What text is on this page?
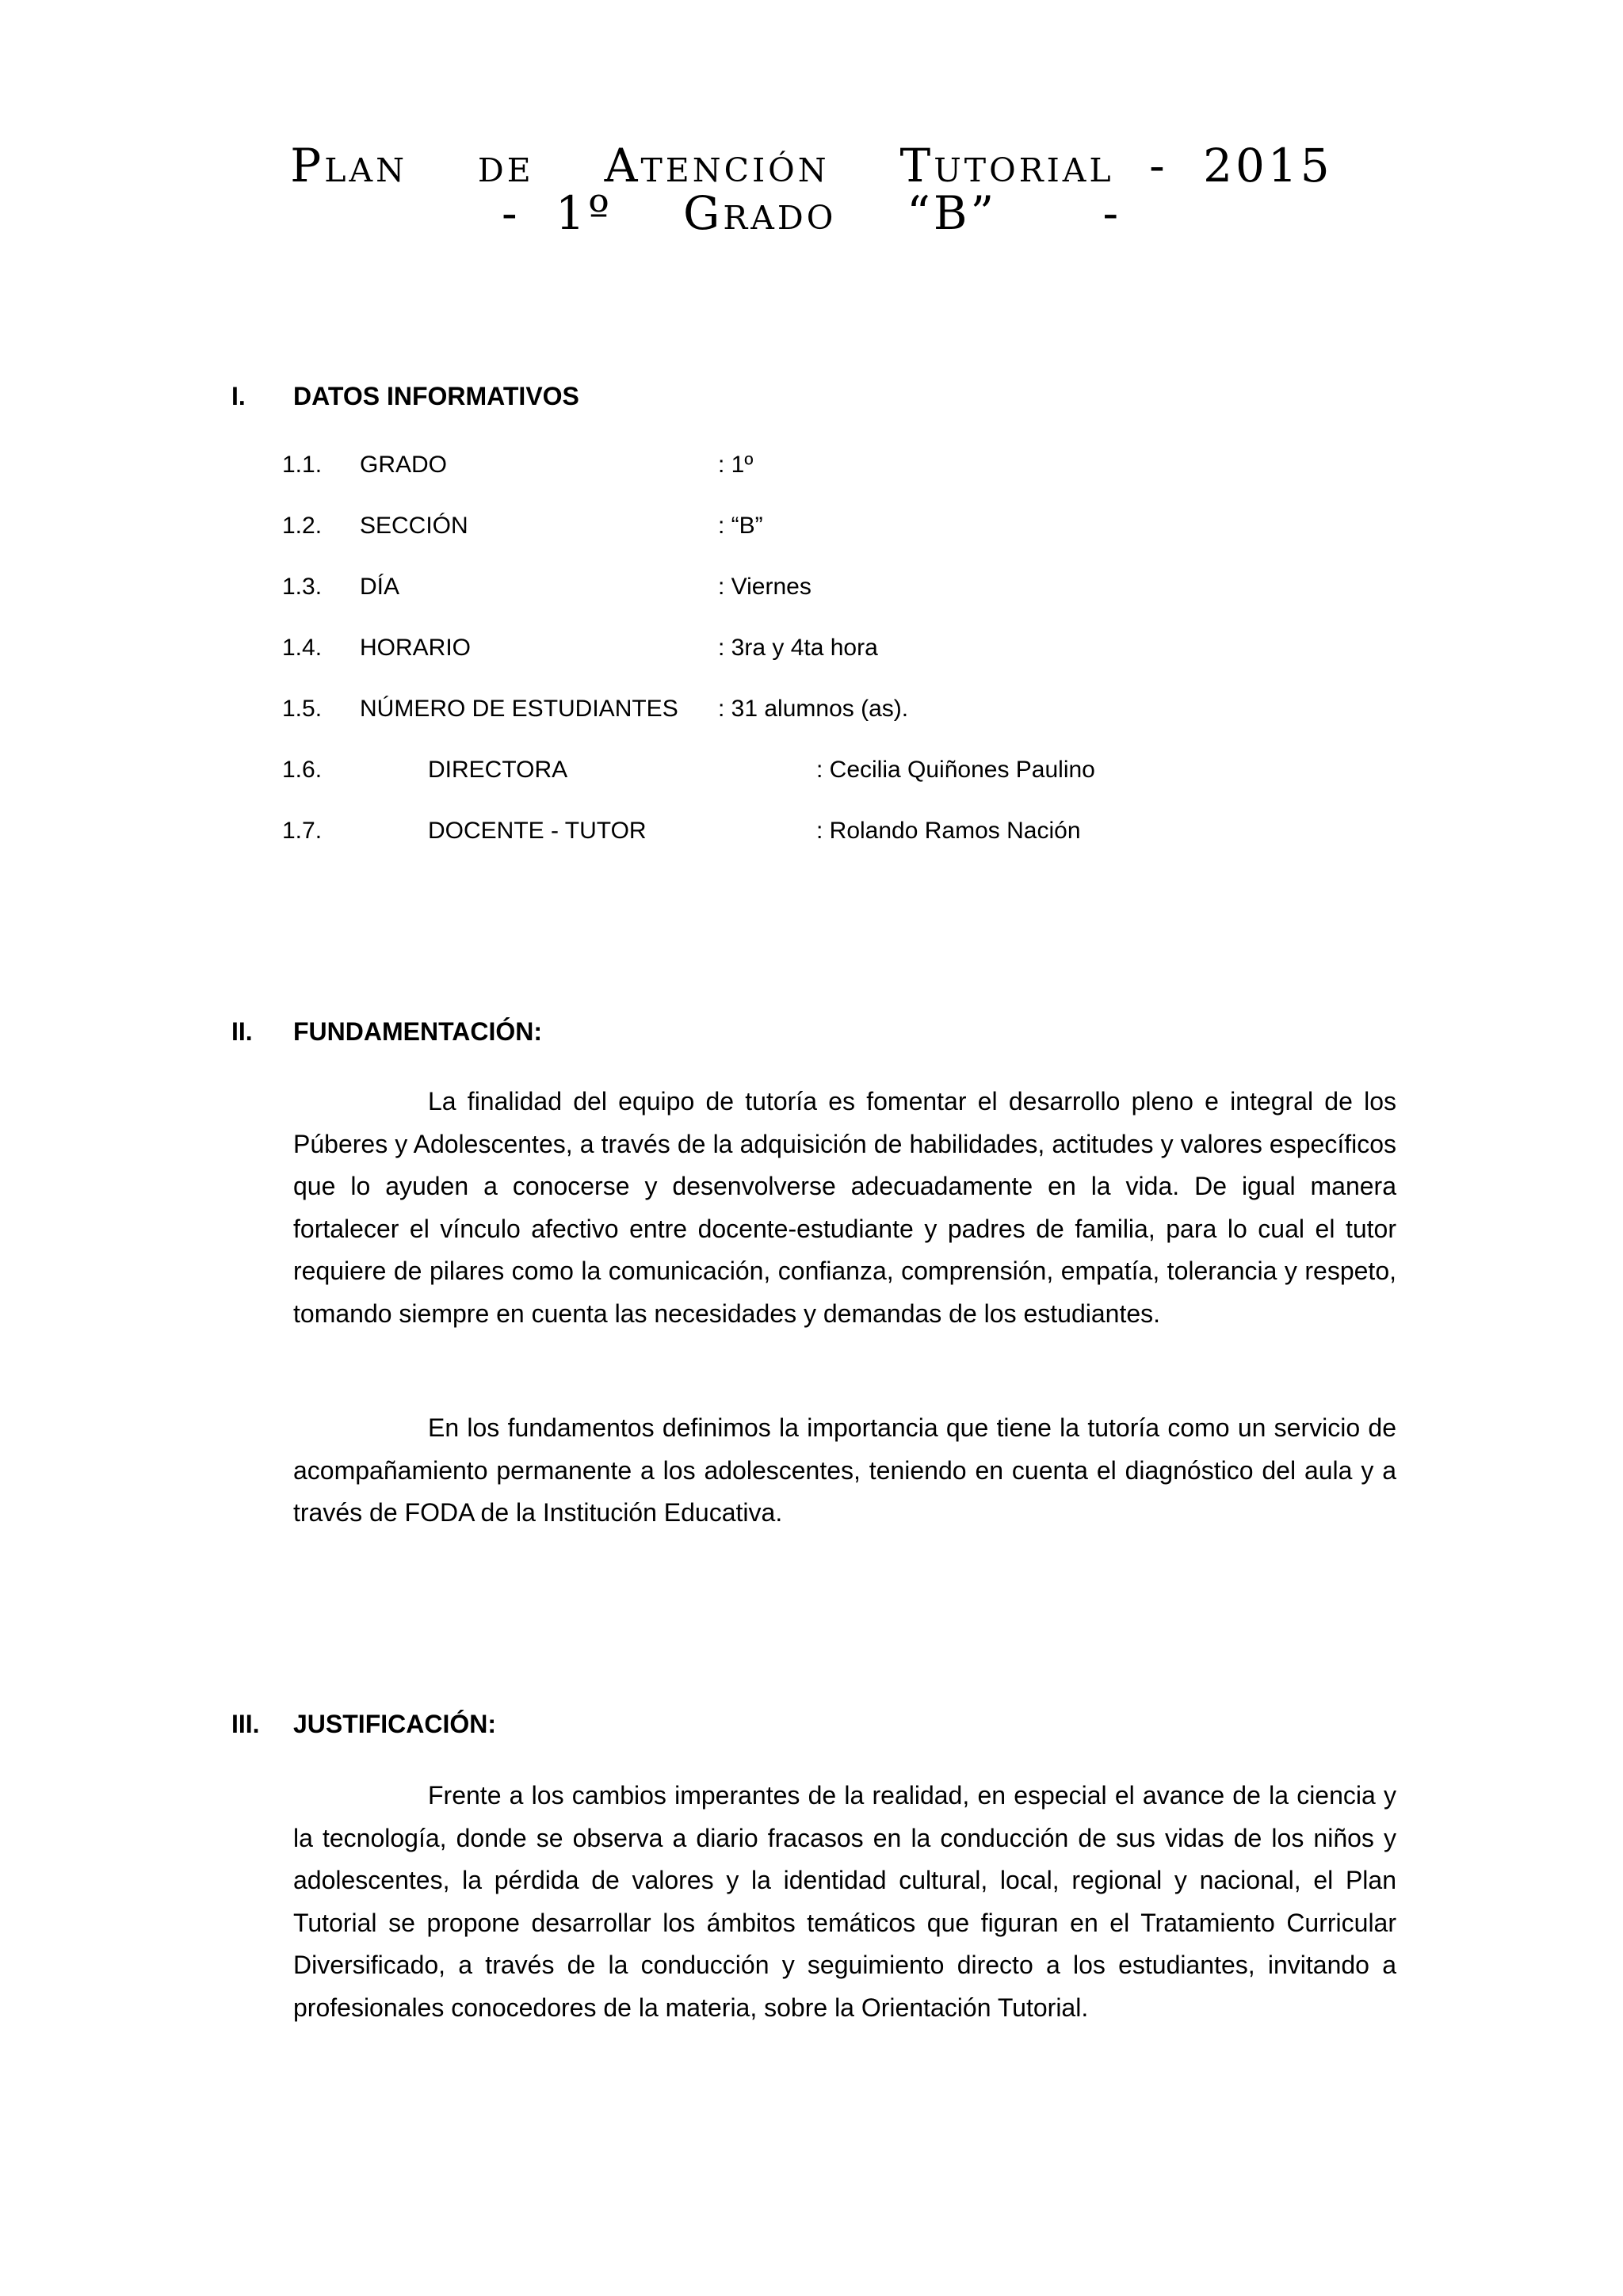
Plan  de  Atención  Tutorial - 2015
- 1º  Grado  “B”   -
I. DATOS INFORMATIVOS
1.1. GRADO	: 1º
1.2. SECCIÓN	: “B”
1.3. DÍA	: Viernes
1.4. HORARIO	: 3ra y 4ta hora
1.5. NÚMERO DE ESTUDIANTES : 31 alumnos (as).
1.6.	DIRECTORA	: Cecilia Quiñones Paulino
1.7.	DOCENTE - TUTOR	: Rolando Ramos Nación
II. FUNDAMENTACIÓN:

La finalidad del equipo de tutoría es fomentar el desarrollo pleno e integral de los Púberes y Adolescentes, a través de la adquisición de habilidades, actitudes y valores específicos que lo ayuden a conocerse y desenvolverse adecuadamente en la vida. De igual manera fortalecer el vínculo afectivo entre docente-estudiante y padres de familia, para lo cual el tutor requiere de pilares como la comunicación, confianza, comprensión, empatía, tolerancia y respeto, tomando siempre en cuenta las necesidades y demandas de los estudiantes.

En los fundamentos definimos la importancia que tiene la tutoría como un servicio de acompañamiento permanente a los adolescentes, teniendo en cuenta el diagnóstico del aula y a través de FODA de la Institución Educativa.

III. JUSTIFICACIÓN:

Frente a los cambios imperantes de la realidad, en especial el avance de la ciencia y la tecnología, donde se observa a diario fracasos en la conducción de sus vidas de los niños y adolescentes, la pérdida de valores y la identidad cultural, local, regional y nacional, el Plan Tutorial se propone desarrollar los ámbitos temáticos que figuran en el Tratamiento Curricular Diversificado, a través de la conducción y seguimiento directo a los estudiantes, invitando a profesionales conocedores de la materia, sobre la Orientación Tutorial.
